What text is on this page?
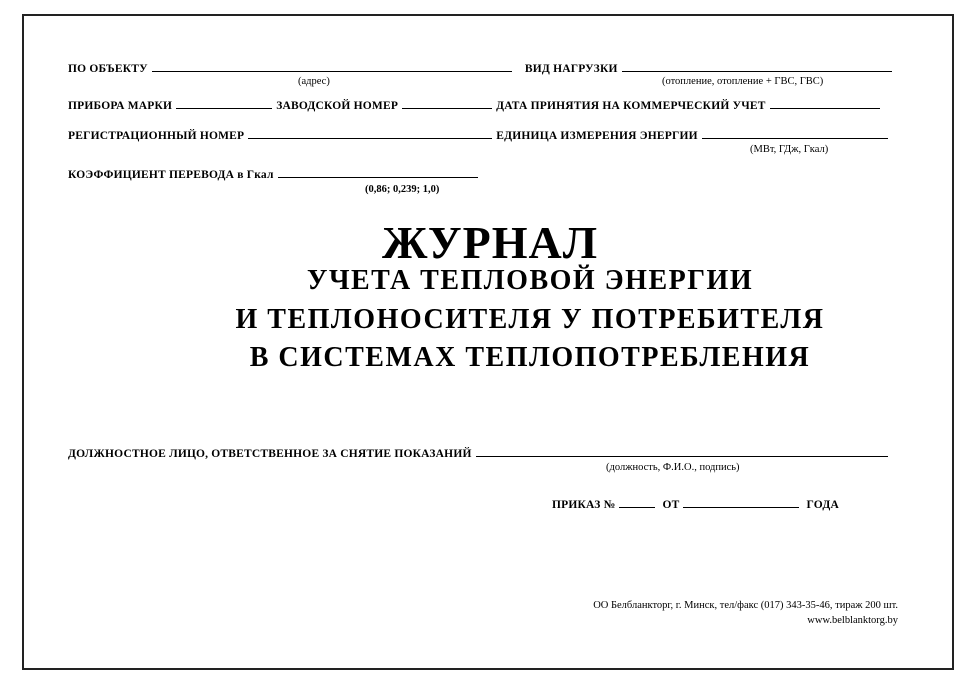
ПО ОБЪЕКТУ	ВИД НАГРУЗКИ
(адрес)	(отопление, отопление + ГВС, ГВС)
ПРИБОРА МАРКИ	ЗАВОДСКОЙ НОМЕР	ДАТА ПРИНЯТИЯ НА КОММЕРЧЕСКИЙ УЧЕТ
РЕГИСТРАЦИОННЫЙ НОМЕР	ЕДИНИЦА ИЗМЕРЕНИЯ ЭНЕРГИИ
(МВт, ГДж, Гкал)
КОЭФФИЦИЕНТ ПЕРЕВОДА в Гкал
(0,86; 0,239; 1,0)
ЖУРНАЛ
УЧЕТА ТЕПЛОВОЙ ЭНЕРГИИ
И ТЕПЛОНОСИТЕЛЯ У ПОТРЕБИТЕЛЯ
В СИСТЕМАХ ТЕПЛОПОТРЕБЛЕНИЯ
ДОЛЖНОСТНОЕ ЛИЦО, ОТВЕТСТВЕННОЕ ЗА СНЯТИЕ ПОКАЗАНИЙ
(должность, Ф.И.О., подпись)
ПРИКАЗ №	ОТ	ГОДА
ОО Белбланкторг, г. Минск, тел/факс (017) 343-35-46, тираж 200 шт.
www.belblanktorg.by
